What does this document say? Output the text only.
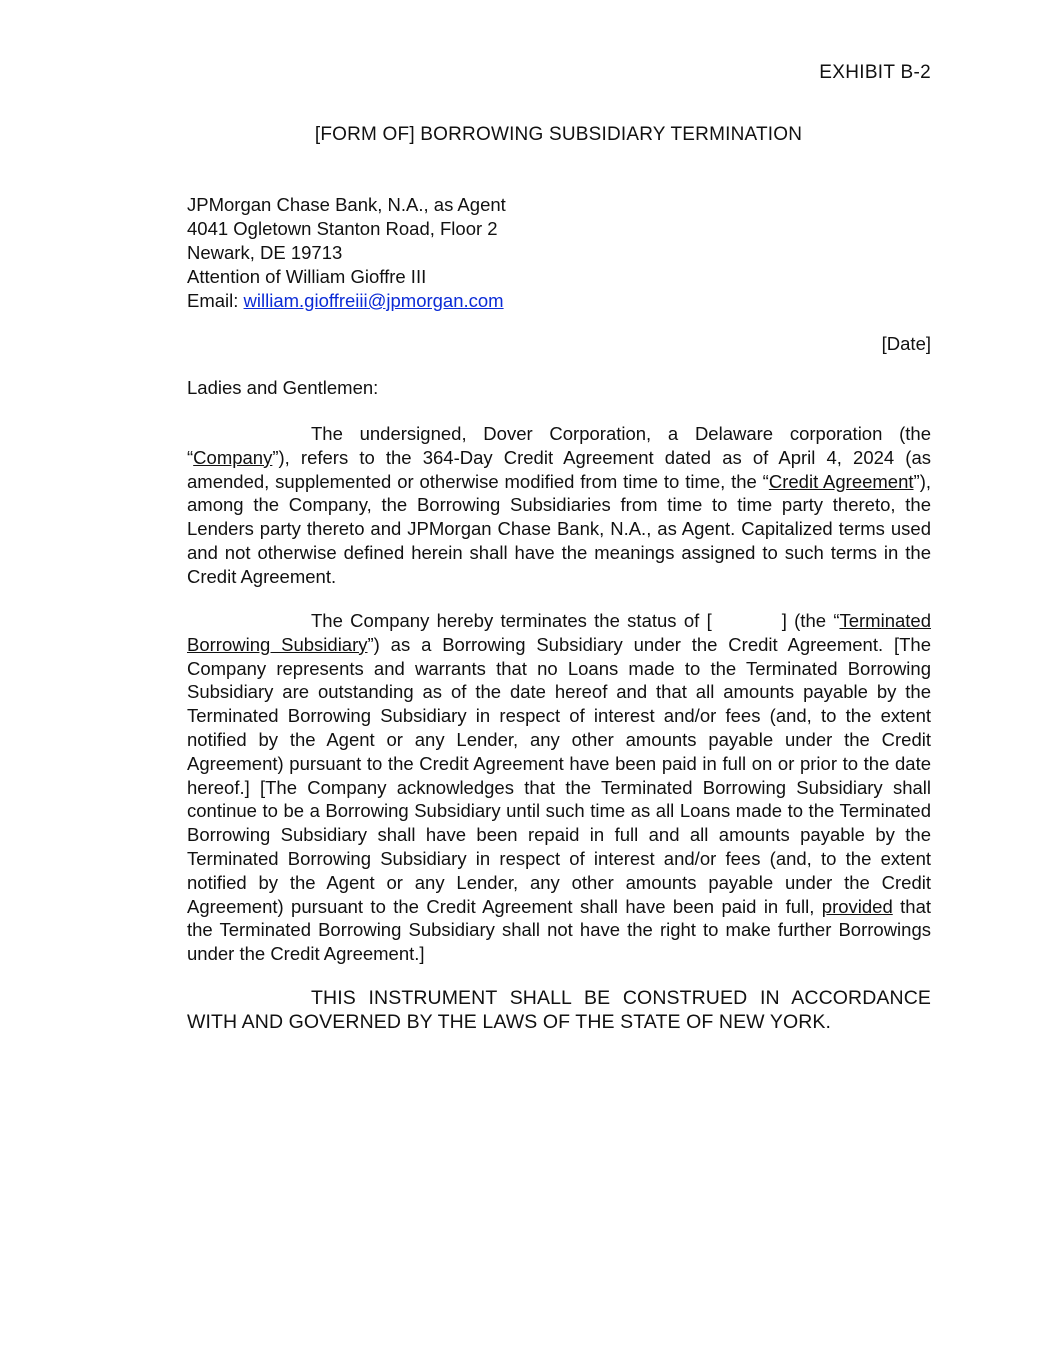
EXHIBIT B-2
[FORM OF] BORROWING SUBSIDIARY TERMINATION
JPMorgan Chase Bank, N.A., as Agent
4041 Ogletown Stanton Road, Floor 2
Newark, DE 19713
Attention of William Gioffre III
Email: william.gioffreiii@jpmorgan.com
[Date]
Ladies and Gentlemen:

The undersigned, Dover Corporation, a Delaware corporation (the “Company”), refers to the 364-Day Credit Agreement dated as of April 4, 2024 (as amended, supplemented or otherwise modified from time to time, the “Credit Agreement”), among the Company, the Borrowing Subsidiaries from time to time party thereto, the Lenders party thereto and JPMorgan Chase Bank, N.A., as Agent. Capitalized terms used and not otherwise defined herein shall have the meanings assigned to such terms in the Credit Agreement.

The Company hereby terminates the status of [	] (the “Terminated Borrowing Subsidiary”) as a Borrowing Subsidiary under the Credit Agreement. [The Company represents and warrants that no Loans made to the Terminated Borrowing Subsidiary are outstanding as of the date hereof and that all amounts payable by the Terminated Borrowing Subsidiary in respect of interest and/or fees (and, to the extent notified by the Agent or any Lender, any other amounts payable under the Credit Agreement) pursuant to the Credit Agreement have been paid in full on or prior to the date hereof.] [The Company acknowledges that the Terminated Borrowing Subsidiary shall continue to be a Borrowing Subsidiary until such time as all Loans made to the Terminated Borrowing Subsidiary shall have been repaid in full and all amounts payable by the Terminated Borrowing Subsidiary in respect of interest and/or fees (and, to the extent notified by the Agent or any Lender, any other amounts payable under the Credit Agreement) pursuant to the Credit Agreement shall have been paid in full, provided that the Terminated Borrowing Subsidiary shall not have the right to make further Borrowings under the Credit Agreement.]

THIS INSTRUMENT SHALL BE CONSTRUED IN ACCORDANCE WITH AND GOVERNED BY THE LAWS OF THE STATE OF NEW YORK.
